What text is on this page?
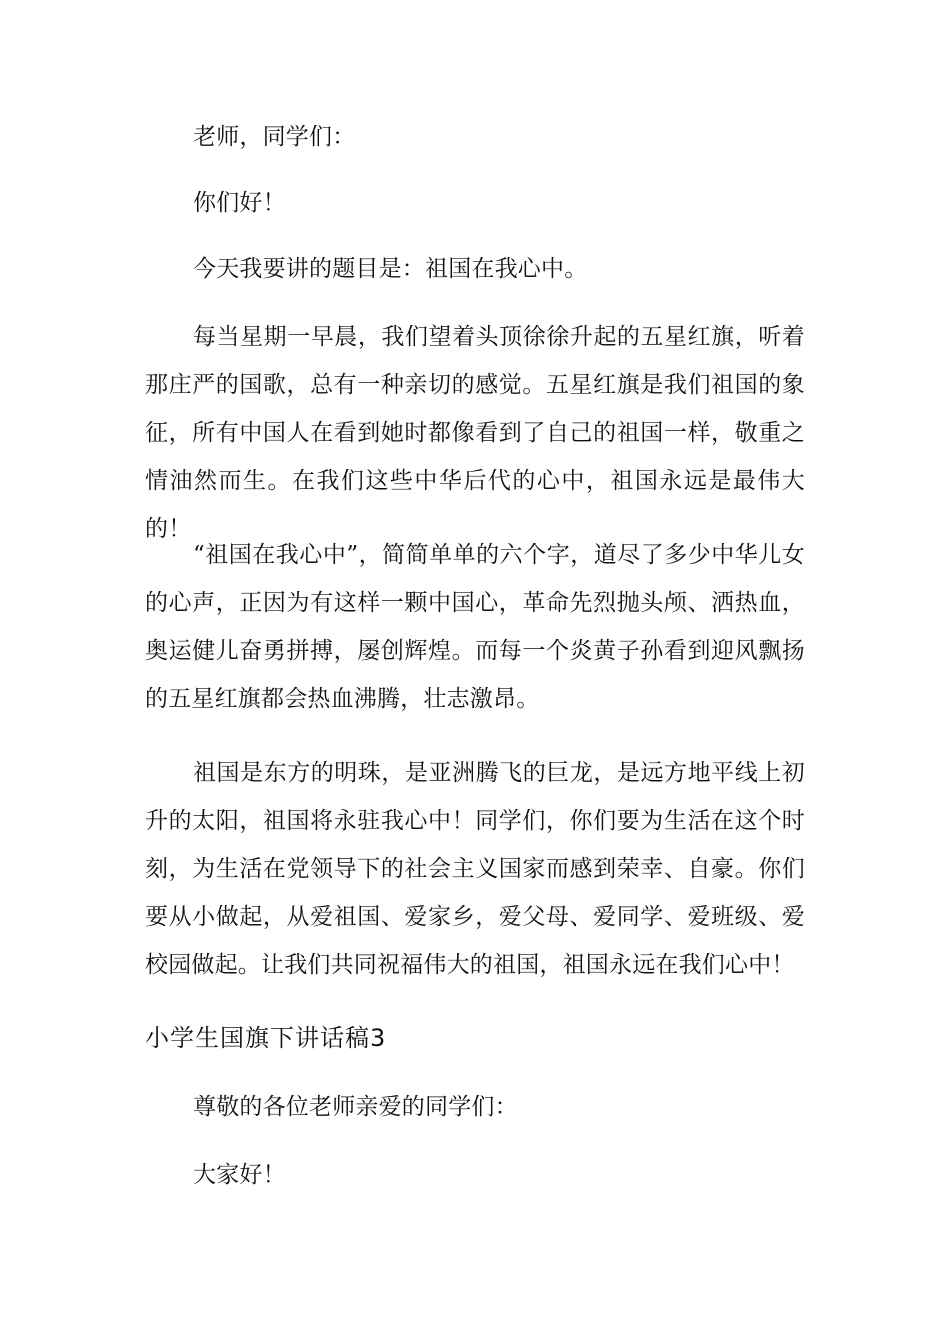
老师，同学们：

你们好！

今天我要讲的题目是：祖国在我心中。

每当星期一早晨，我们望着头顶徐徐升起的五星红旗，听着那庄严的国歌，总有一种亲切的感觉。五星红旗是我们祖国的象征，所有中国人在看到她时都像看到了自己的祖国一样，敬重之情油然而生。在我们这些中华后代的心中，祖国永远是最伟大的！

“祖国在我心中”，简简单单的六个字，道尽了多少中华儿女的心声，正因为有这样一颗中国心，革命先烈抛头颅、洒热血，奥运健儿奋勇拼搏，屡创辉煌。而每一个炎黄子孙看到迎风飘扬的五星红旗都会热血沸腾，壮志激昂。

祖国是东方的明珠，是亚洲腾飞的巨龙，是远方地平线上初升的太阳，祖国将永驻我心中！同学们，你们要为生活在这个时刻，为生活在党领导下的社会主义国家而感到荣幸、自豪。你们要从小做起，从爱祖国、爱家乡，爱父母、爱同学、爱班级、爱校园做起。让我们共同祝福伟大的祖国，祖国永远在我们心中！

小学生国旗下讲话稿3

尊敬的各位老师亲爱的同学们：

大家好！
